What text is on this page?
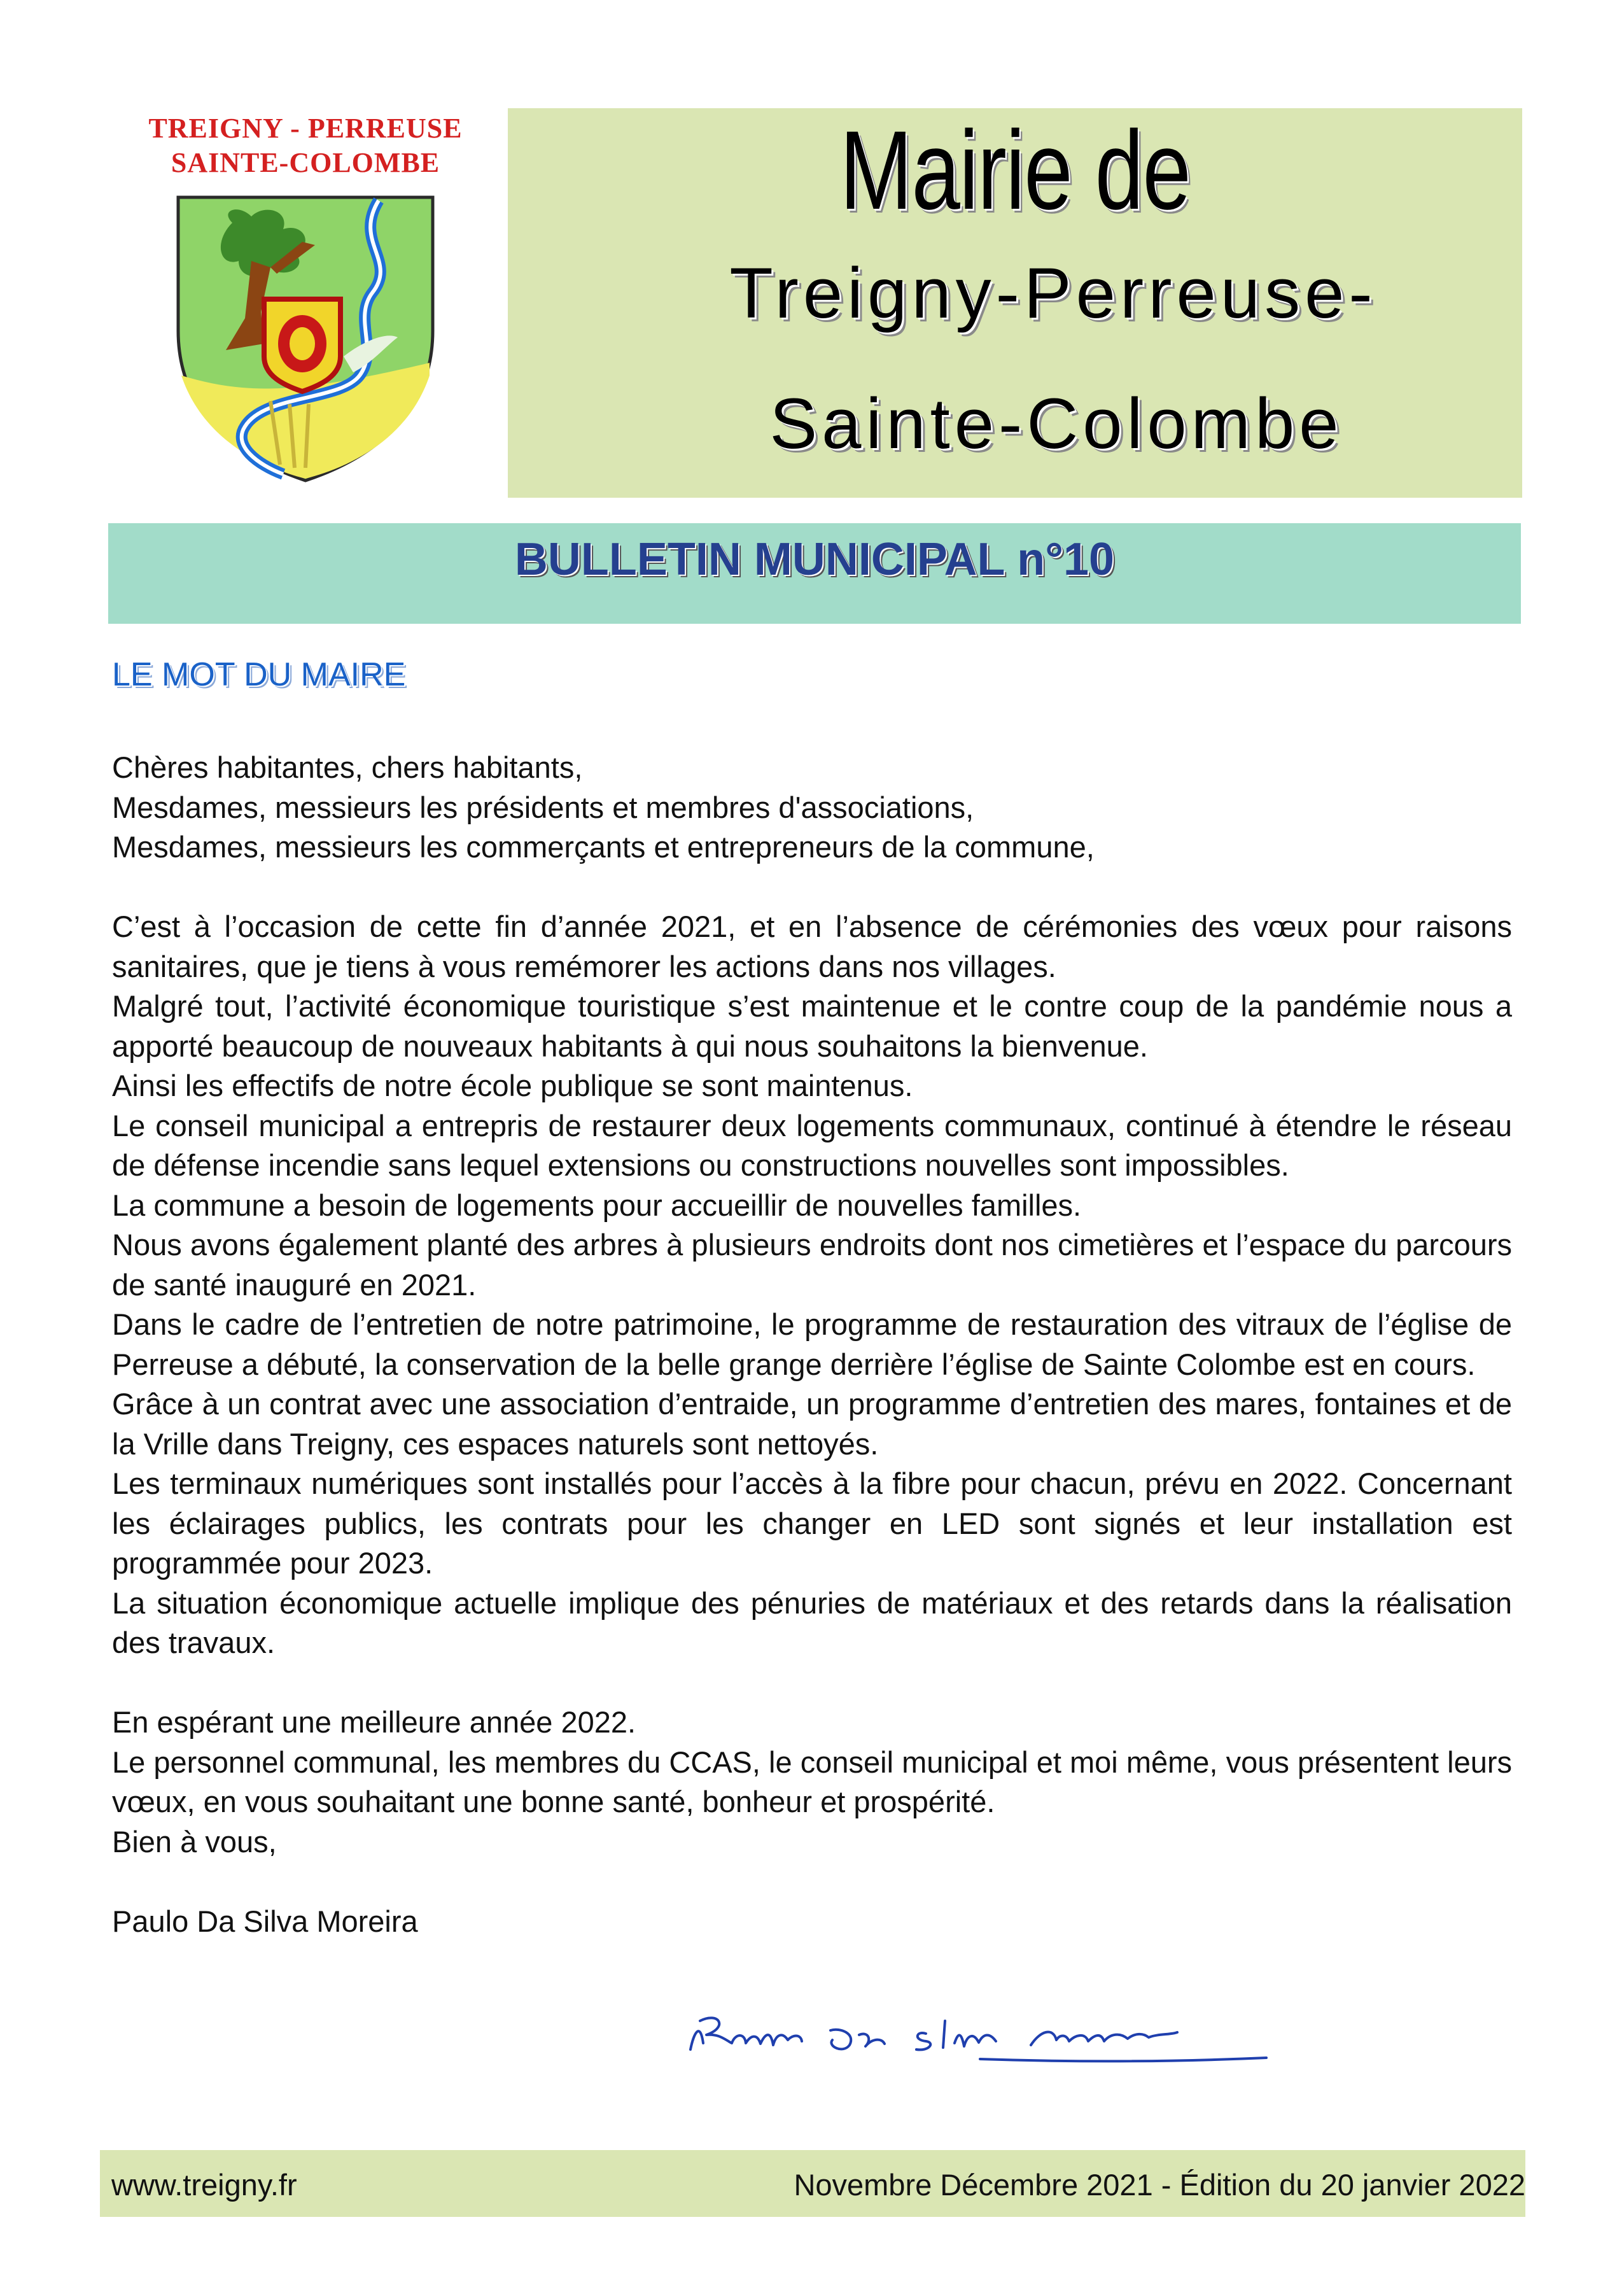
TREIGNY - PERREUSE
SAINTE-COLOMBE	Mairie de
Treigny-Perreuse-
Sainte-Colombe
BULLETIN MUNICIPAL n°10
LE MOT DU MAIRE

Chères habitantes, chers habitants,

Mesdames, messieurs les présidents et membres d'associations,

Mesdames, messieurs les commerçants et entrepreneurs de la commune,

C’est à l’occasion de cette fin d’année 2021, et en l’absence de cérémonies des vœux pour raisons sanitaires, que je tiens à vous remémorer les actions dans nos villages.

Malgré tout, l’activité économique touristique s’est maintenue et le contre coup de la pandémie nous a apporté beaucoup de nouveaux habitants à qui nous souhaitons la bienvenue.

Ainsi les effectifs de notre école publique se sont maintenus.

Le conseil municipal a entrepris de restaurer deux logements communaux, continué à étendre le réseau de défense incendie sans lequel extensions ou constructions nouvelles sont impossibles.

La commune a besoin de logements pour accueillir de nouvelles familles.

Nous avons également planté des arbres à plusieurs endroits dont nos cimetières et l’espace du parcours de santé inauguré en 2021.

Dans le cadre de l’entretien de notre patrimoine, le programme de restauration des vitraux de l’église de Perreuse a débuté, la conservation de la belle grange derrière l’église de Sainte Colombe est en cours.

Grâce à un contrat avec une association d’entraide, un programme d’entretien des mares, fontaines et de la Vrille dans Treigny, ces espaces naturels sont nettoyés.

Les terminaux numériques sont installés pour l’accès à la fibre pour chacun, prévu en 2022. Concernant les éclairages publics, les contrats pour les changer en LED sont signés et leur installation est programmée pour 2023.

La situation économique actuelle implique des pénuries de matériaux et des retards dans la réalisation des travaux.

En espérant une meilleure année 2022.

Le personnel communal, les membres du CCAS, le conseil municipal et moi même, vous présentent leurs vœux, en vous souhaitant une bonne santé, bonheur et prospérité.

Bien à vous,

Paulo Da Silva Moreira

www.treigny.fr	Novembre Décembre 2021 - Édition du 20 janvier 2022
